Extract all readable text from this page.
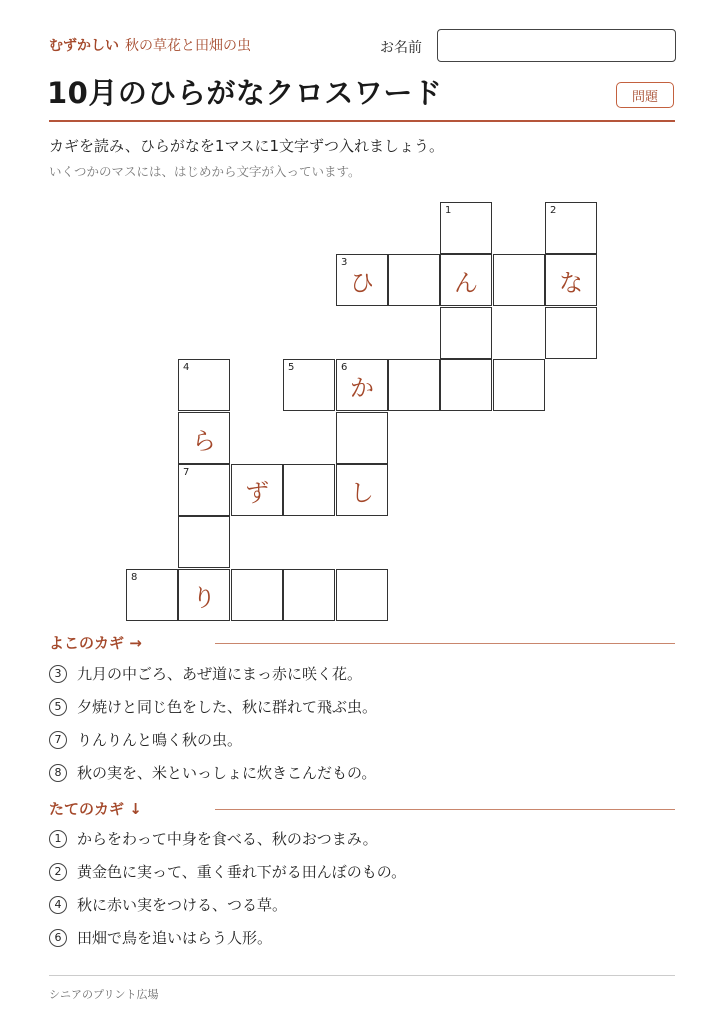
むずかしい 秋の草花と田畑の虫	お名前
10月のひらがなクロスワード	問題
カギを読み、ひらがなを1マスに1文字ずつ入れましょう。
いくつかのマスには、はじめから文字が入っています。
1	2
3
ひ	ん	な
4	5	6
か
ら
7
ず	し
8
り
よこのカギ →
3	九月の中ごろ、あぜ道にまっ赤に咲く花。
5	夕焼けと同じ色をした、秋に群れて飛ぶ虫。
7	りんりんと鳴く秋の虫。
8	秋の実を、米といっしょに炊きこんだもの。
たてのカギ ↓
1	からをわって中身を食べる、秋のおつまみ。
2	黄金色に実って、重く垂れ下がる田んぼのもの。
4	秋に赤い実をつける、つる草。
6	田畑で鳥を追いはらう人形。
シニアのプリント広場
